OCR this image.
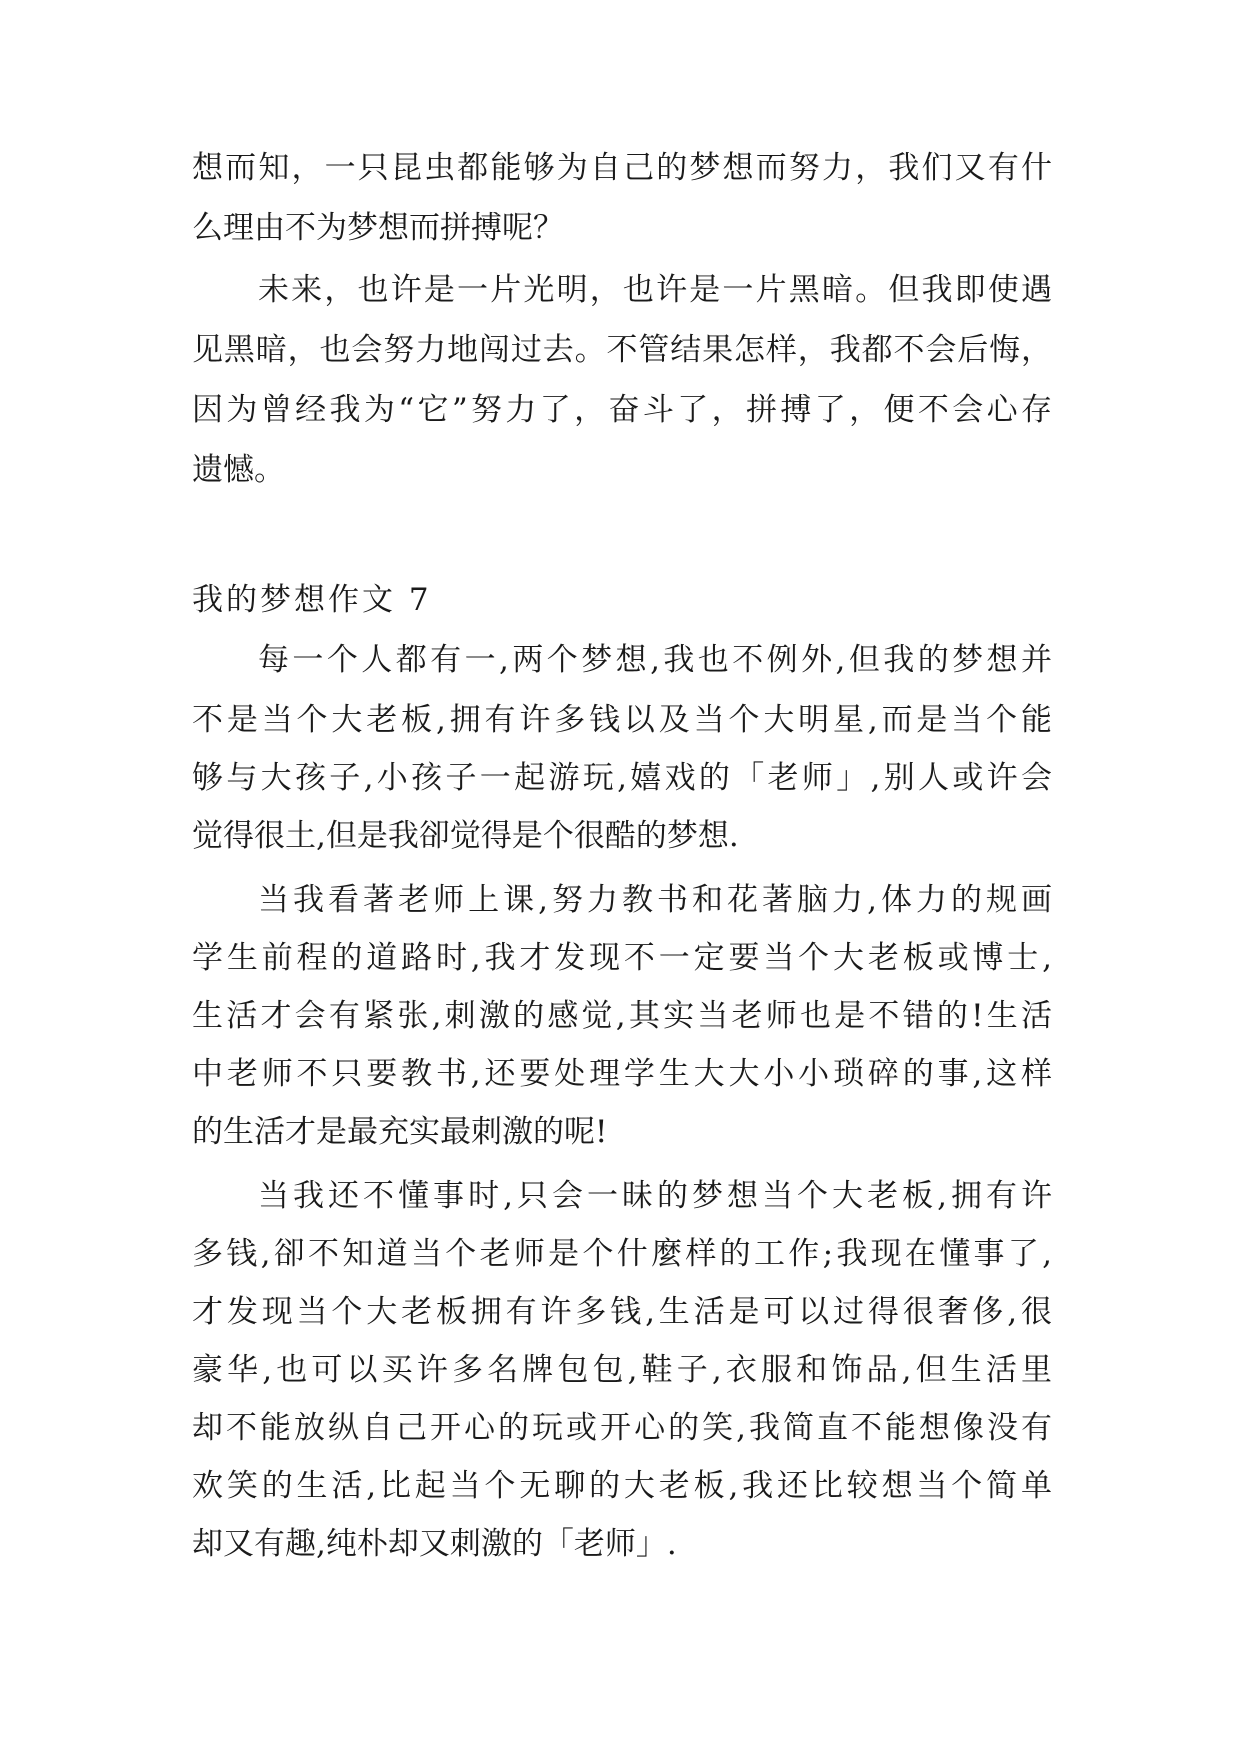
想而知，一只昆虫都能够为自己的梦想而努力，我们又有什
么理由不为梦想而拼搏呢？
未来，也许是一片光明，也许是一片黑暗。但我即使遇
见黑暗，也会努力地闯过去。不管结果怎样，我都不会后悔，
因为曾经我为“它”努力了，奋斗了，拼搏了，便不会心存
遗憾。
我的梦想作文 7
每一个人都有一,两个梦想,我也不例外,但我的梦想并
不是当个大老板,拥有许多钱以及当个大明星,而是当个能
够与大孩子,小孩子一起游玩,嬉戏的「老师」,别人或许会
觉得很土,但是我卻觉得是个很酷的梦想.
当我看著老师上课,努力教书和花著脑力,体力的规画
学生前程的道路时,我才发现不一定要当个大老板或博士,
生活才会有紧张,刺激的感觉,其实当老师也是不错的!生活
中老师不只要教书,还要处理学生大大小小琐碎的事,这样
的生活才是最充实最刺激的呢!
当我还不懂事时,只会一昧的梦想当个大老板,拥有许
多钱,卻不知道当个老师是个什麼样的工作;我现在懂事了,
才发现当个大老板拥有许多钱,生活是可以过得很奢侈,很
豪华,也可以买许多名牌包包,鞋子,衣服和饰品,但生活里
却不能放纵自己开心的玩或开心的笑,我简直不能想像没有
欢笑的生活,比起当个无聊的大老板,我还比较想当个简单
却又有趣,纯朴却又刺激的「老师」.
